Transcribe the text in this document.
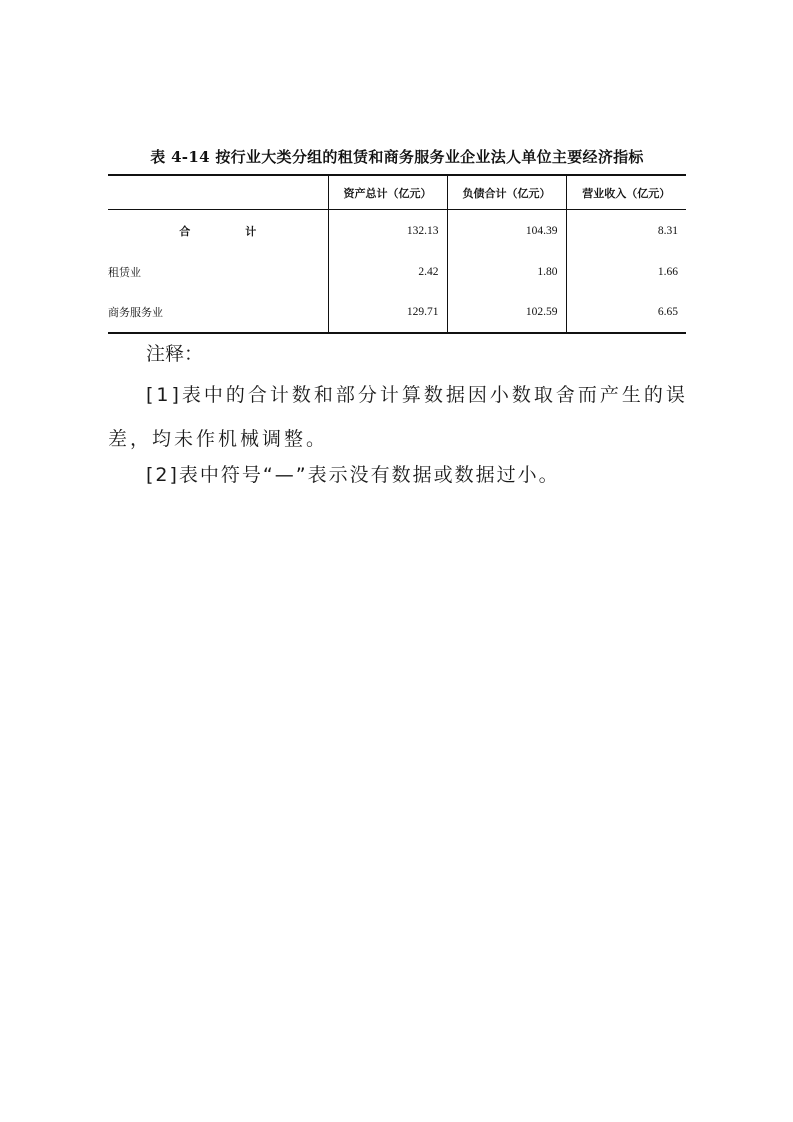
表 4-14 按行业大类分组的租赁和商务服务业企业法人单位主要经济指标
	资产总计（亿元）	负债合计（亿元）	营业收入（亿元）
合　计	132.13	104.39	8.31
租赁业	2.42	1.80	1.66
商务服务业	129.71	102.59	6.65

注释：

[1]表中的合计数和部分计算数据因小数取舍而产生的误差，均未作机械调整。

[2]表中符号“—”表示没有数据或数据过小。
